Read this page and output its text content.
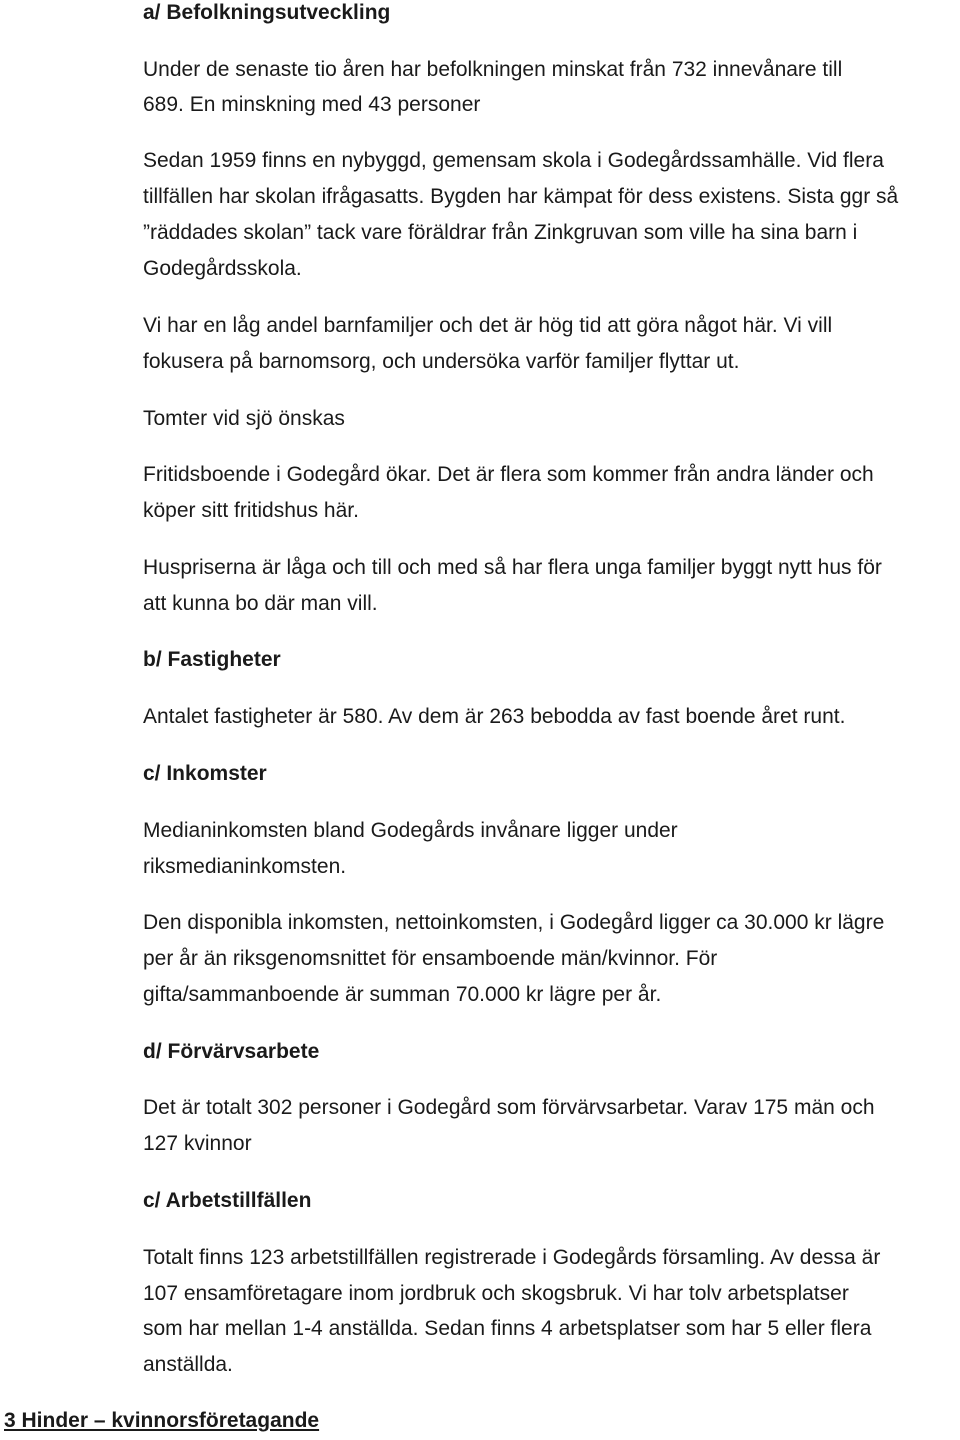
a/ Befolkningsutveckling
Under de senaste tio åren har befolkningen minskat från 732 innevånare till
689. En minskning med 43 personer
Sedan 1959 finns en nybyggd, gemensam skola i Godegårdssamhälle. Vid flera
tillfällen har skolan ifrågasatts. Bygden har kämpat för dess existens. Sista ggr så
”räddades skolan” tack vare föräldrar från Zinkgruvan som ville ha sina barn i
Godegårdsskola.
Vi har en låg andel barnfamiljer och det är hög tid att göra något här. Vi vill
fokusera på barnomsorg, och undersöka varför familjer flyttar ut.
Tomter vid sjö önskas
Fritidsboende i Godegård ökar. Det är flera som kommer från andra länder och
köper sitt fritidshus här.
Huspriserna är låga och till och med så har flera unga familjer byggt nytt hus för
att kunna bo där man vill.
b/ Fastigheter
Antalet fastigheter är 580. Av dem är 263 bebodda av fast boende året runt.
c/ Inkomster
Medianinkomsten bland Godegårds invånare ligger under
riksmedianinkomsten.
Den disponibla inkomsten, nettoinkomsten, i Godegård ligger ca 30.000 kr lägre
per år än riksgenomsnittet för ensamboende män/kvinnor. För
gifta/sammanboende är summan 70.000 kr lägre per år.
d/ Förvärvsarbete
Det är totalt 302 personer i Godegård som förvärvsarbetar. Varav 175 män och
127 kvinnor
c/ Arbetstillfällen
Totalt finns 123 arbetstillfällen registrerade i Godegårds församling. Av dessa är
107 ensamföretagare inom jordbruk och skogsbruk. Vi har tolv arbetsplatser
som har mellan 1-4 anställda. Sedan finns 4 arbetsplatser som har 5 eller flera
anställda.
3 Hinder – kvinnorsföretagande
